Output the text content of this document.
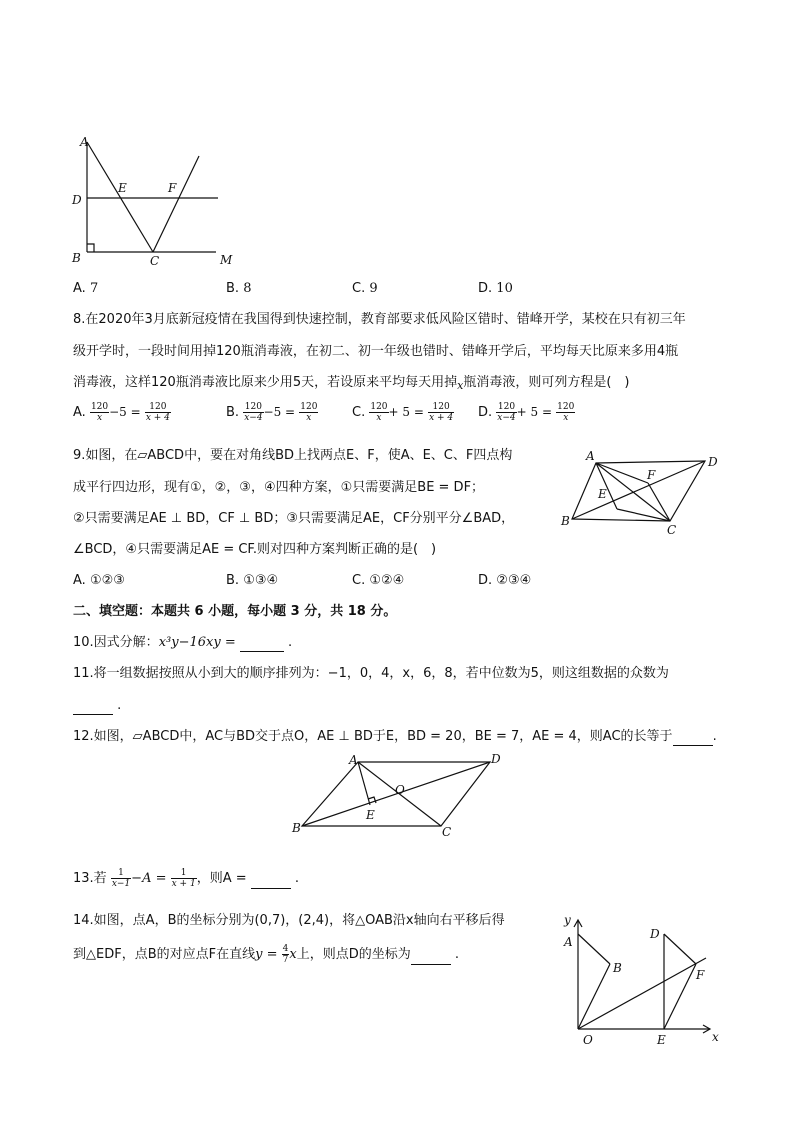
A
D
E	F
B	C	M
A. 7	B. 8	C. 9	D. 10
8.在2020年3月底新冠疫情在我国得到快速控制，教育部要求低风险区错时、错峰开学，某校在只有初三年
级开学时，一段时间用掉120瓶消毒液，在初二、初一年级也错时、错峰开学后，平均每天比原来多用4瓶
消毒液，这样120瓶消毒液比原来少用5天，若设原来平均每天用掉$_x$瓶消毒液，则可列方程是(　)
A. $\frac{120}{x} -5 = \frac{120}{x + 4}$	B. $\frac{120}{x-4} -5 = \frac{120}{x}$	C. $\frac{120}{x} + 5 = \frac{120}{x + 4} D$. $\frac{120}{x-4} + 5 = \frac{120}{x}$
9.如图，在▱ABCD中，要在对角线BD上找两点E、F，使A、E、C、F四点构
成平行四边形，现有①，②，③，④四种方案，①只需要满足BE = DF；
②只需要满足AE ⊥ BD，CF ⊥ BD；③只需要满足AE，CF分别平分∠BAD，
∠BCD，④只需要满足AE = CF.则对四种方案判断正确的是(　)
A	D
F
E
B
C
A. ①②③	B. ①③④	C. ①②④	D. ②③④
二、填空题：本题共 6 小题，每小题 3 分，共 18 分。
10.因式分解：x³y−16xy =	.
11.将一组数据按照从小到大的顺序排列为：−1，0，4，x，6，8，若中位数为5，则这组数据的众数为
.
12.如图，▱ABCD中，AC与BD交于点O，AE ⊥ BD于E，BD = 20，BE = 7，AE = 4，则AC的长等于	.
A	D
O
E
B	C
13.若 $\frac{1}{x-1} -A = \frac{1}{x + 1}$ ，则A =	.
14.如图，点A，B的坐标分别为(0,7)，(2,4)，将△OAB沿x轴向右平移后得
到△EDF，点B的对应点F在直线$y = \frac{4}{7}$ x上，则点D的坐标为	.
y
A
B
D
F
O	E	x
